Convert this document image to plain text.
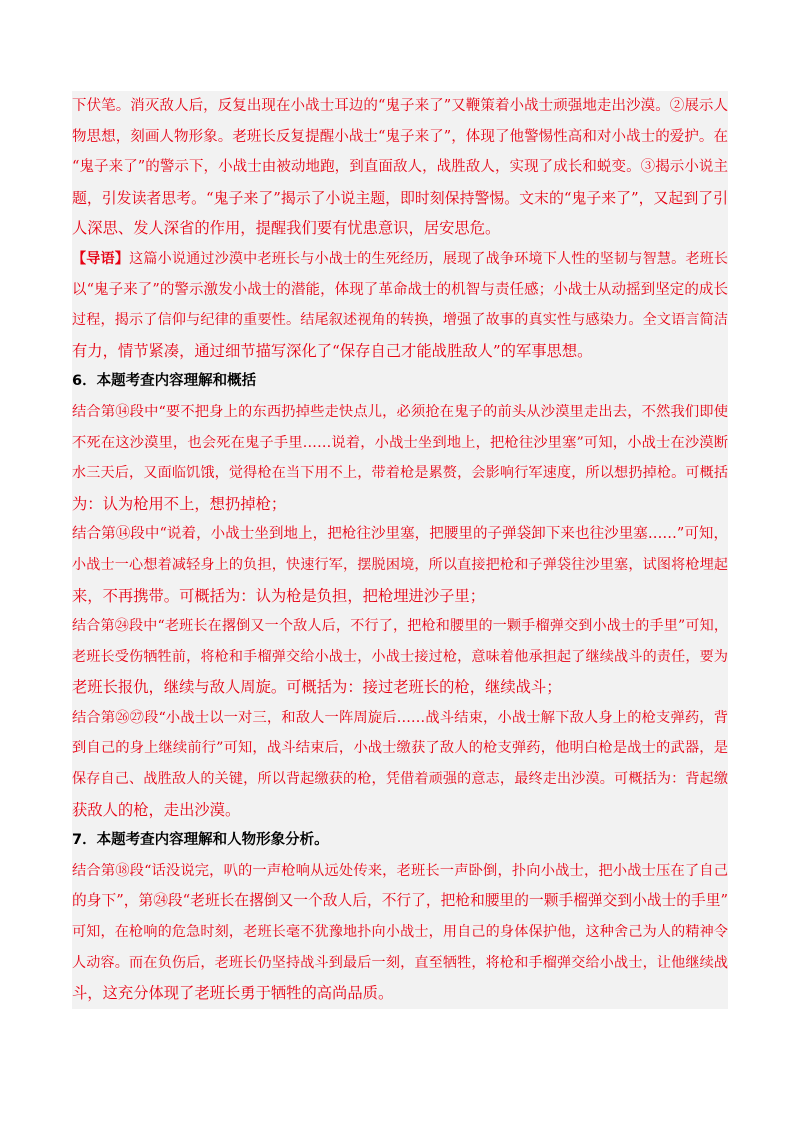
下伏笔。消灭敌人后，反复出现在小战士耳边的“鬼子来了”又鞭策着小战士顽强地走出沙漠。②展示人
物思想，刻画人物形象。老班长反复提醒小战士“鬼子来了”，体现了他警惕性高和对小战士的爱护。在
“鬼子来了”的警示下，小战士由被动地跑，到直面敌人，战胜敌人，实现了成长和蜕变。③揭示小说主
题，引发读者思考。“鬼子来了”揭示了小说主题，即时刻保持警惕。文末的“鬼子来了”，又起到了引
人深思、发人深省的作用，提醒我们要有忧患意识，居安思危。
【导语】这篇小说通过沙漠中老班长与小战士的生死经历，展现了战争环境下人性的坚韧与智慧。老班长
以“鬼子来了”的警示激发小战士的潜能，体现了革命战士的机智与责任感；小战士从动摇到坚定的成长
过程，揭示了信仰与纪律的重要性。结尾叙述视角的转换，增强了故事的真实性与感染力。全文语言简洁
有力，情节紧凑，通过细节描写深化了“保存自己才能战胜敌人”的军事思想。
6．本题考查内容理解和概括
结合第⑭段中“要不把身上的东西扔掉些走快点儿，必须抢在鬼子的前头从沙漠里走出去，不然我们即使
不死在这沙漠里，也会死在鬼子手里……说着，小战士坐到地上，把枪往沙里塞”可知，小战士在沙漠断
水三天后，又面临饥饿，觉得枪在当下用不上，带着枪是累赘，会影响行军速度，所以想扔掉枪。可概括
为：认为枪用不上，想扔掉枪；
结合第⑭段中“说着，小战士坐到地上，把枪往沙里塞，把腰里的子弹袋卸下来也往沙里塞……”可知，
小战士一心想着减轻身上的负担，快速行军，摆脱困境，所以直接把枪和子弹袋往沙里塞，试图将枪埋起
来，不再携带。可概括为：认为枪是负担，把枪埋进沙子里；
结合第㉔段中“老班长在撂倒又一个敌人后，不行了，把枪和腰里的一颗手榴弹交到小战士的手里”可知，
老班长受伤牺牲前，将枪和手榴弹交给小战士，小战士接过枪，意味着他承担起了继续战斗的责任，要为
老班长报仇，继续与敌人周旋。可概括为：接过老班长的枪，继续战斗；
结合第㉖㉗段“小战士以一对三，和敌人一阵周旋后……战斗结束，小战士解下敌人身上的枪支弹药，背
到自己的身上继续前行”可知，战斗结束后，小战士缴获了敌人的枪支弹药，他明白枪是战士的武器，是
保存自己、战胜敌人的关键，所以背起缴获的枪，凭借着顽强的意志，最终走出沙漠。可概括为：背起缴
获敌人的枪，走出沙漠。
7．本题考查内容理解和人物形象分析。
结合第⑱段“话没说完，叭的一声枪响从远处传来，老班长一声卧倒，扑向小战士，把小战士压在了自己
的身下”，第㉔段“老班长在撂倒又一个敌人后，不行了，把枪和腰里的一颗手榴弹交到小战士的手里”
可知，在枪响的危急时刻，老班长毫不犹豫地扑向小战士，用自己的身体保护他，这种舍己为人的精神令
人动容。而在负伤后，老班长仍坚持战斗到最后一刻，直至牺牲，将枪和手榴弹交给小战士，让他继续战
斗，这充分体现了老班长勇于牺牲的高尚品质。
